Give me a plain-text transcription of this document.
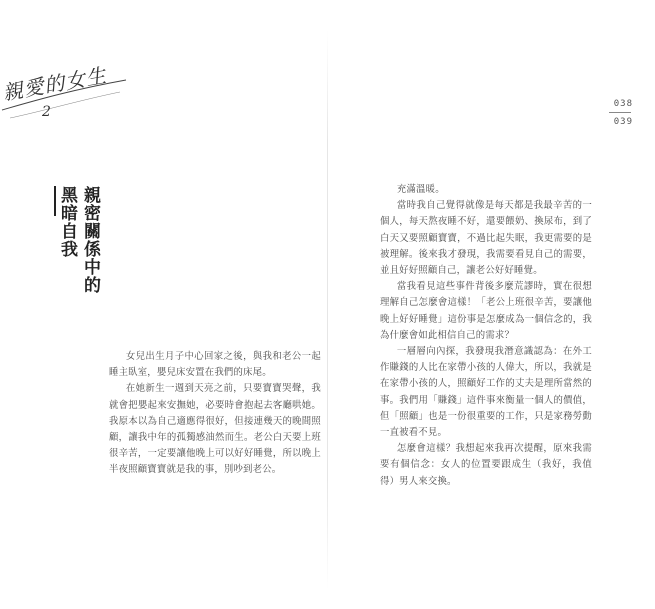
親愛的女生
2
親密關係中的
黑暗自我

女兒出生月子中心回家之後，與我和老公一起睡主臥室，嬰兒床安置在我們的床尾。

在她新生一週到天亮之前，只要寶寶哭聲，我就會把嬰起來安撫她，必要時會抱起去客廳哄她。我原本以為自己適應得很好，但接連幾天的晚間照顧，讓我中年的孤獨感油然而生。老公白天要上班很辛苦，一定要讓他晚上可以好好睡覺，所以晚上半夜照顧寶寶就是我的事，別吵到老公。

充滿溫暖。

當時我自己覺得就像是每天都是我最辛苦的一個人，每天熬夜睡不好，還要餵奶、換尿布，到了白天又要照顧寶寶，不過比起失眠，我更需要的是被理解。後來我才發現，我需要看見自己的需要，並且好好照顧自己，讓老公好好睡覺。

當我看見這些事件背後多麼荒謬時，實在很想理解自己怎麼會這樣！「老公上班很辛苦，要讓他晚上好好睡覺」這份事是怎麼成為一個信念的，我為什麼會如此相信自己的需求？

一層層向內探，我發現我潛意識認為：在外工作賺錢的人比在家帶小孩的人偉大，所以，我就是在家帶小孩的人，照顧好工作的丈夫是理所當然的事。我們用「賺錢」這件事來衡量一個人的價值，但「照顧」也是一份很重要的工作，只是家務勞動一直被看不見。

怎麼會這樣？我想起來我再次提醒，原來我需要有個信念：女人的位置要跟成生（我好，我值得）男人來交換。

038
039
